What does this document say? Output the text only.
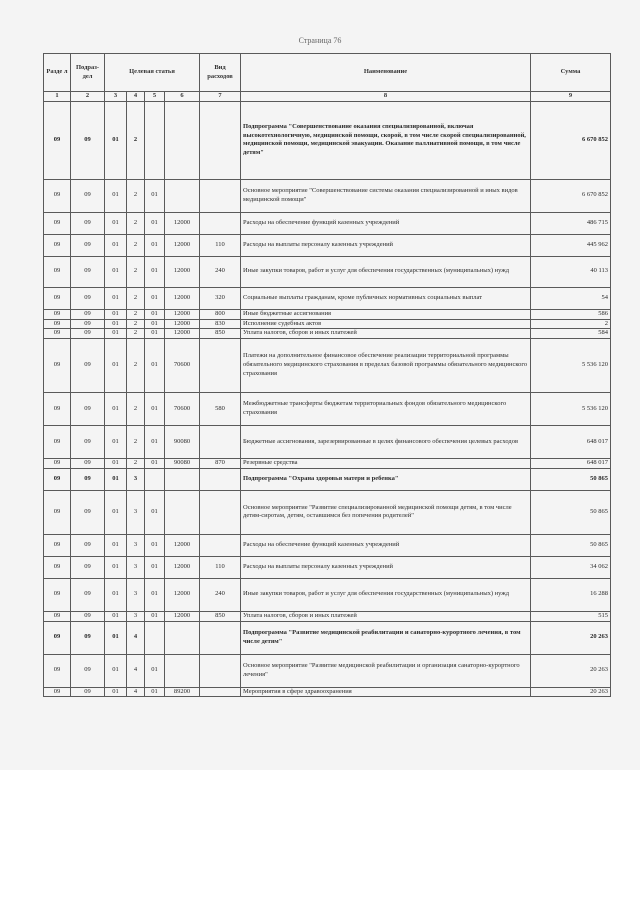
Страница 76
Разде л	Подраз- дел	Целевая статья				Вид расходов	Наименование	Сумма
1	2	3	4	5	6	7	8	9
09	09	01	2				Подпрограмма "Совершенствование оказания специализированной, включая высокотехнологичную, медицинской помощи, скорой, в том числе скорой специализированной, медицинской помощи, медицинской эвакуации. Оказание паллиативной помощи, в том числе детям"	6 670 852
09	09	01	2	01			Основное мероприятие "Совершенствование системы оказания специализированной и иных видов медицинской помощи"	6 670 852
09	09	01	2	01	12000		Расходы на обеспечение функций казенных учреждений	486 715
09	09	01	2	01	12000	110	Расходы на выплаты персоналу казенных учреждений	445 962
09	09	01	2	01	12000	240	Иные закупки товаров, работ и услуг для обеспечения государственных (муниципальных) нужд	40 113
09	09	01	2	01	12000	320	Социальные выплаты гражданам, кроме публичных нормативных социальных выплат	54
09	09	01	2	01	12000	800	Иные бюджетные ассигнования	586
09	09	01	2	01	12000	830	Исполнение судебных актов	2
09	09	01	2	01	12000	850	Уплата налогов, сборов и иных платежей	584
09	09	01	2	01	70600		Платежи на дополнительное финансовое обеспечение реализации территориальной программы обязательного медицинского страхования в пределах базовой программы обязательного медицинского страхования	5 536 120
09	09	01	2	01	70600	580	Межбюджетные трансферты бюджетам территориальных фондов обязательного медицинского страхования	5 536 120
09	09	01	2	01	90080		Бюджетные ассигнования, зарезервированные в целях финансового обеспечения целевых расходов	648 017
09	09	01	2	01	90080	870	Резервные средства	648 017
09	09	01	3				Подпрограмма "Охрана здоровья матери и ребенка"	50 865
09	09	01	3	01			Основное мероприятие "Развитие специализированной медицинской помощи детям, в том числе детям-сиротам, детям, оставшимся без попечения родителей"	50 865
09	09	01	3	01	12000		Расходы на обеспечение функций казенных учреждений	50 865
09	09	01	3	01	12000	110	Расходы на выплаты персоналу казенных учреждений	34 062
09	09	01	3	01	12000	240	Иные закупки товаров, работ и услуг для обеспечения государственных (муниципальных) нужд	16 288
09	09	01	3	01	12000	850	Уплата налогов, сборов и иных платежей	515
09	09	01	4				Подпрограмма "Развитие медицинской реабилитации и санаторно-курортного лечения, в том числе детям"	20 263
09	09	01	4	01			Основное мероприятие "Развитие медицинской реабилитации и организация санаторно-курортного лечения"	20 263
09	09	01	4	01	89200		Мероприятия в сфере здравоохранения	20 263
